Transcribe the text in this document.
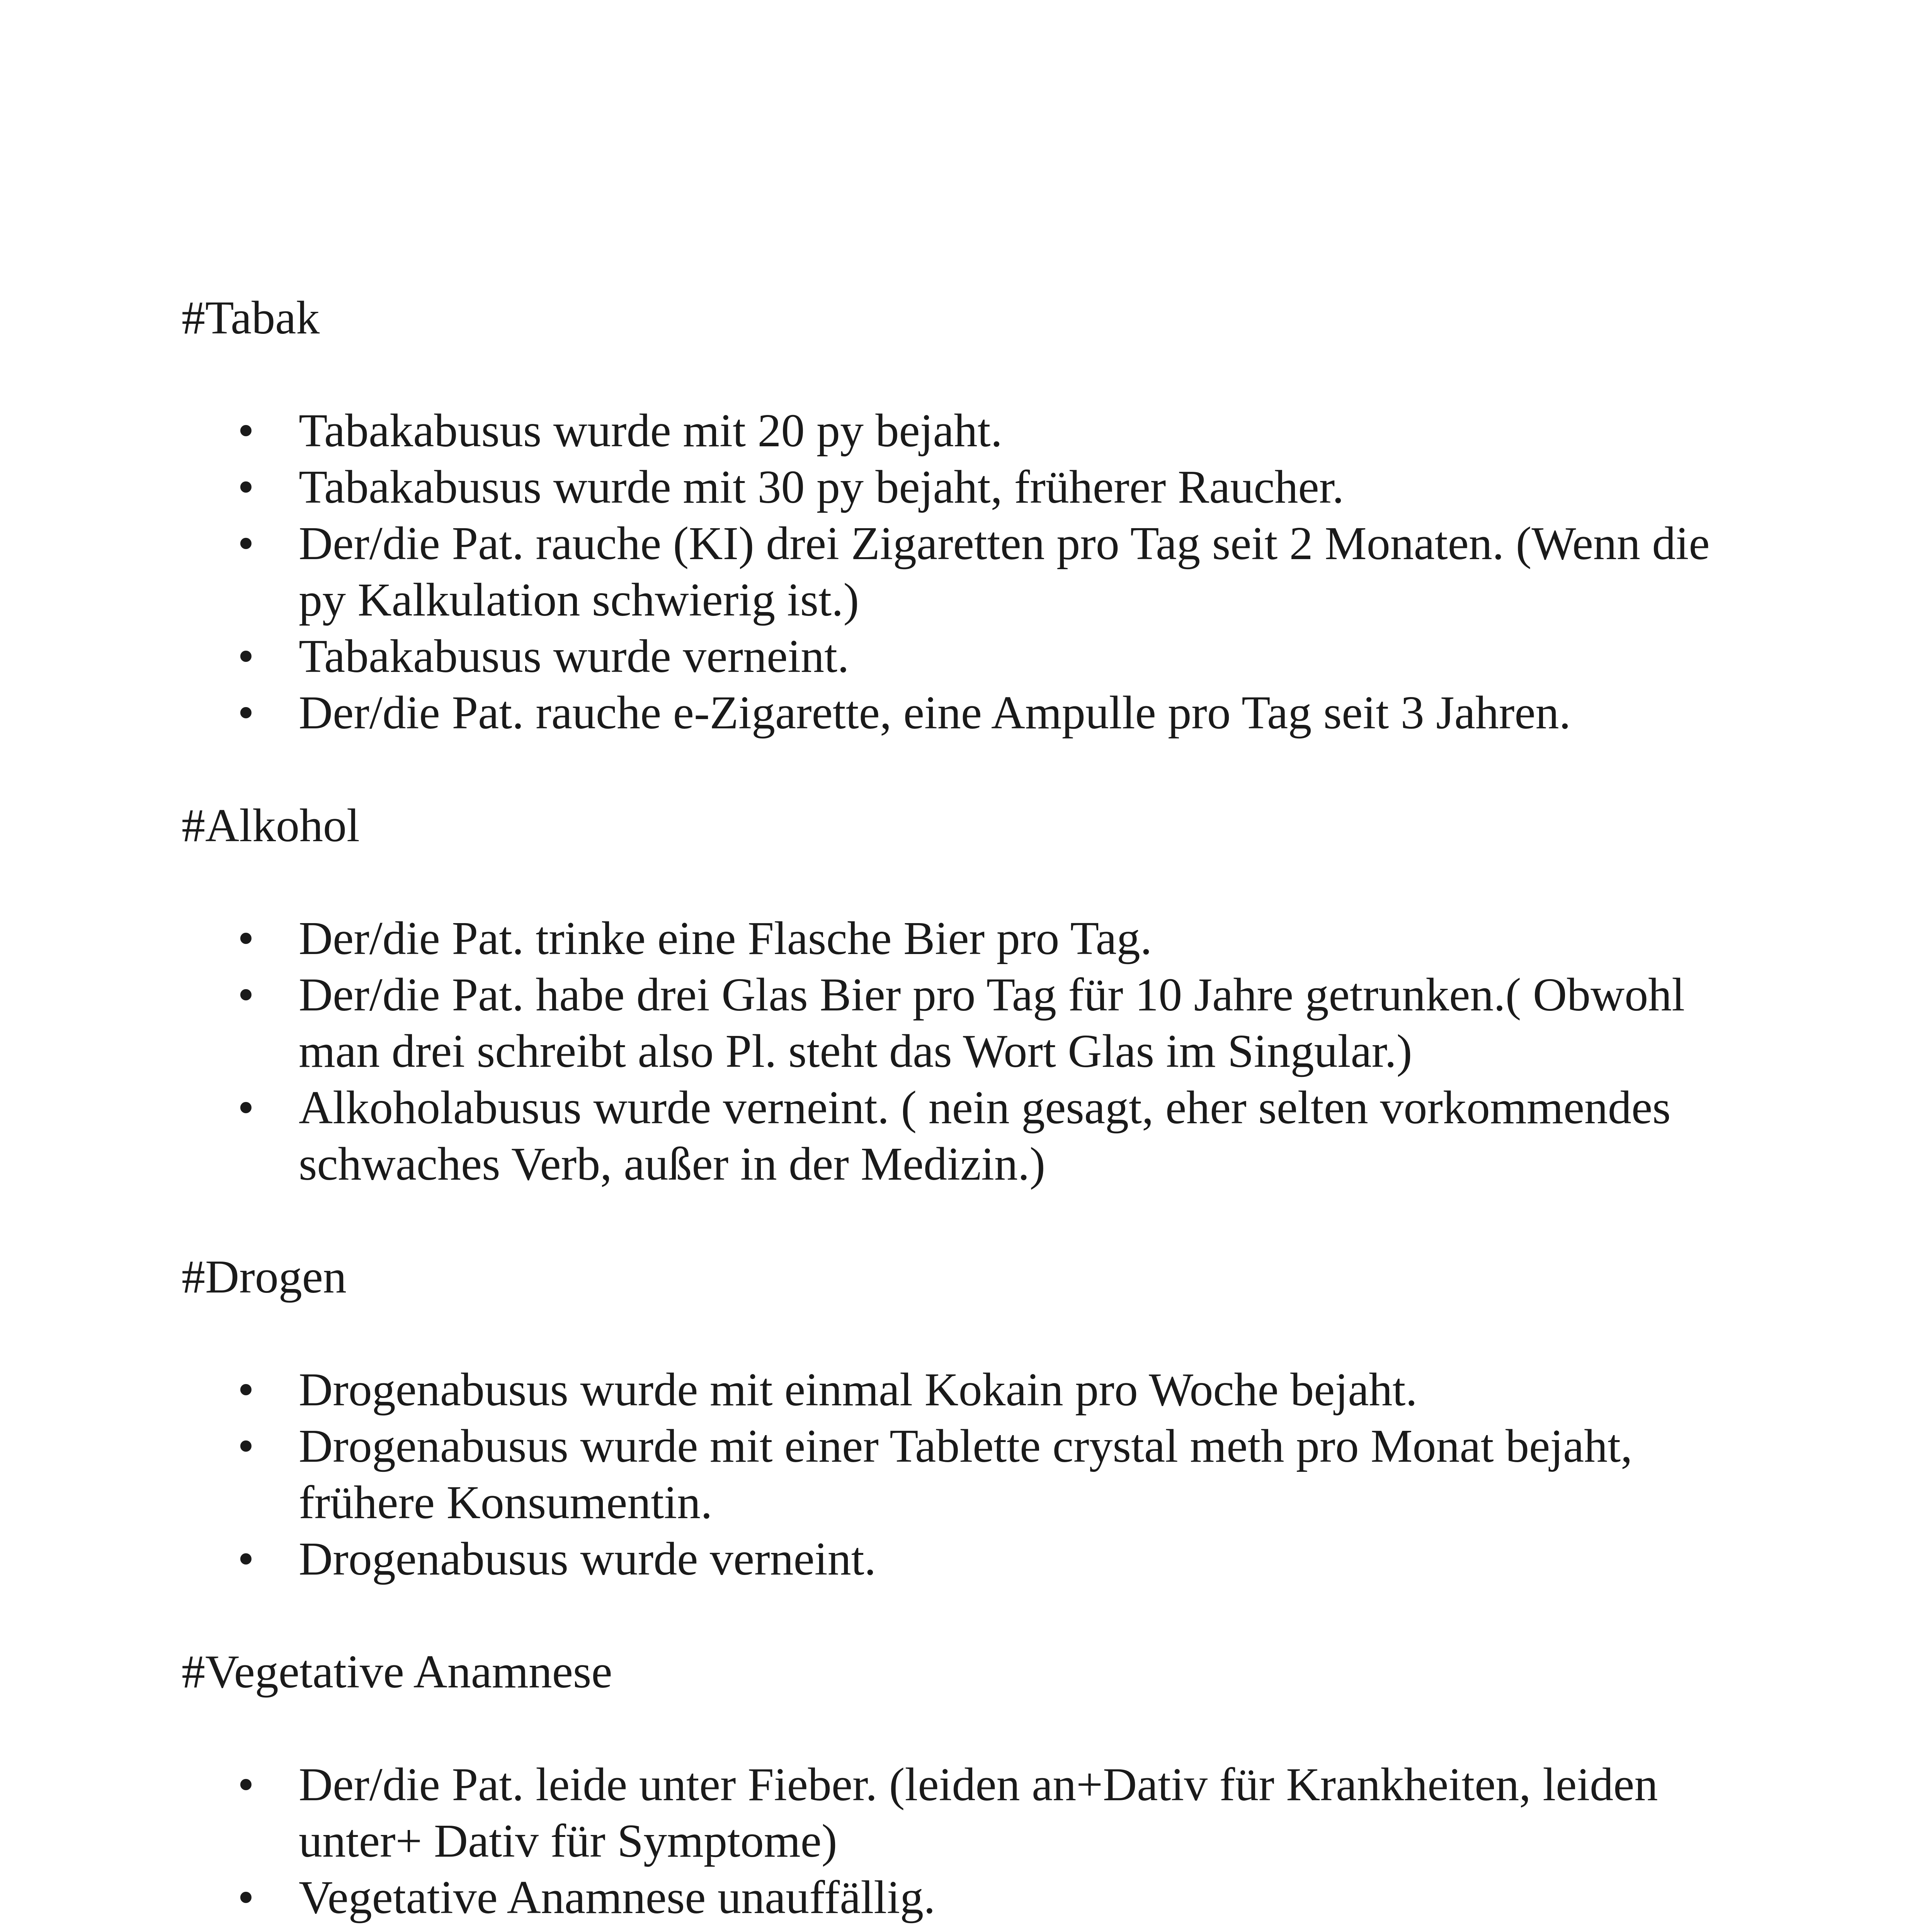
#Tabak
• Tabakabusus wurde mit 20 py bejaht.
• Tabakabusus wurde mit 30 py bejaht, früherer Raucher.
• Der/die Pat. rauche (KI) drei Zigaretten pro Tag seit 2 Monaten. (Wenn die py Kalkulation schwierig ist.)
• Tabakabusus wurde verneint.
• Der/die Pat. rauche e-Zigarette, eine Ampulle pro Tag seit 3 Jahren.
#Alkohol
• Der/die Pat. trinke eine Flasche Bier pro Tag.
• Der/die Pat. habe drei Glas Bier pro Tag für 10 Jahre getrunken.( Obwohl man drei schreibt also Pl. steht das Wort Glas im Singular.)
• Alkoholabusus wurde verneint. ( nein gesagt, eher selten vorkommendes schwaches Verb, außer in der Medizin.)
#Drogen
• Drogenabusus wurde mit einmal Kokain pro Woche bejaht.
• Drogenabusus wurde mit einer Tablette crystal meth pro Monat bejaht, frühere Konsumentin.
• Drogenabusus wurde verneint.
#Vegetative Anamnese
• Der/die Pat. leide unter Fieber. (leiden an+Dativ für Krankheiten, leiden unter+ Dativ für Symptome)
• Vegetative Anamnese unauffällig.
